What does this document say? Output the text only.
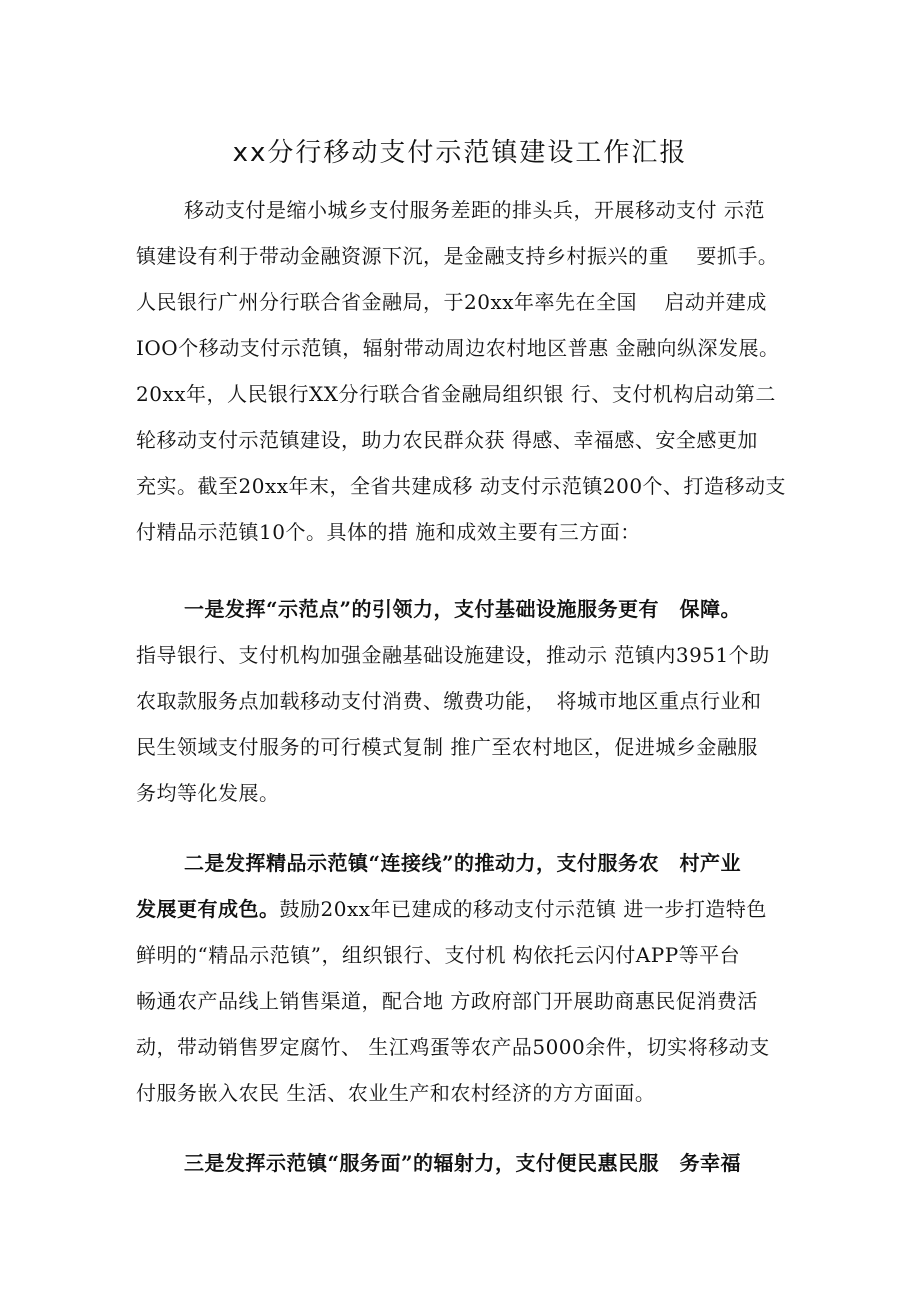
xx分行移动支付示范镇建设工作汇报
移动支付是缩小城乡支付服务差距的排头兵，开展移动支付 示范
镇建设有利于带动金融资源下沉，是金融支持乡村振兴的重　 要抓手。
人民银行广州分行联合省金融局，于20xx年率先在全国　 启动并建成
IOO个移动支付示范镇，辐射带动周边农村地区普惠 金融向纵深发展。
20xx年，人民银行XX分行联合省金融局组织银 行、支付机构启动第二
轮移动支付示范镇建设，助力农民群众获 得感、幸福感、安全感更加
充实。截至20xx年末，全省共建成移 动支付示范镇200个、打造移动支
付精品示范镇10个。具体的措 施和成效主要有三方面：
一是发挥“示范点”的引领力，支付基础设施服务更有　保障。
指导银行、支付机构加强金融基础设施建设，推动示 范镇内3951个助
农取款服务点加载移动支付消费、缴费功能，　将城市地区重点行业和
民生领域支付服务的可行模式复制 推广至农村地区，促进城乡金融服
务均等化发展。
二是发挥精品示范镇“连接线”的推动力，支付服务农　村产业
发展更有成色。鼓励20xx年已建成的移动支付示范镇 进一步打造特色
鲜明的“精品示范镇”，组织银行、支付机 构依托云闪付APP等平台
畅通农产品线上销售渠道，配合地 方政府部门开展助商惠民促消费活
动，带动销售罗定腐竹、 生江鸡蛋等农产品5000余件，切实将移动支
付服务嵌入农民 生活、农业生产和农村经济的方方面面。
三是发挥示范镇“服务面”的辐射力，支付便民惠民服　务幸福
